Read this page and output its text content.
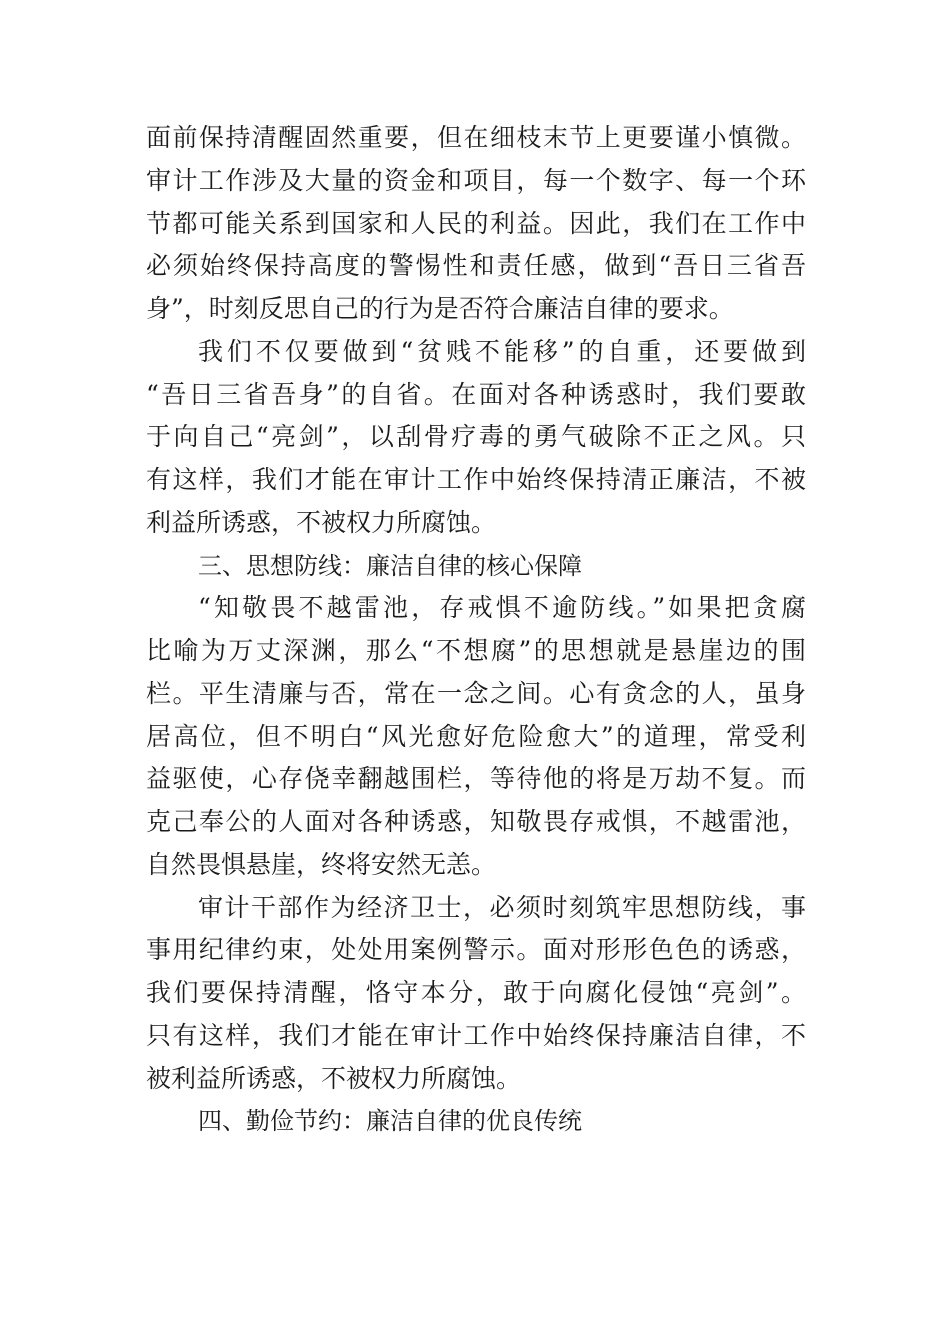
面前保持清醒固然重要，但在细枝末节上更要谨小慎微。
审计工作涉及大量的资金和项目，每一个数字、每一个环
节都可能关系到国家和人民的利益。因此，我们在工作中
必须始终保持高度的警惕性和责任感，做到“吾日三省吾
身”，时刻反思自己的行为是否符合廉洁自律的要求。
我们不仅要做到“贫贱不能移”的自重，还要做到
“吾日三省吾身”的自省。在面对各种诱惑时，我们要敢
于向自己“亮剑”，以刮骨疗毒的勇气破除不正之风。只
有这样，我们才能在审计工作中始终保持清正廉洁，不被
利益所诱惑，不被权力所腐蚀。
三、思想防线：廉洁自律的核心保障
“知敬畏不越雷池，存戒惧不逾防线。”如果把贪腐
比喻为万丈深渊，那么“不想腐”的思想就是悬崖边的围
栏。平生清廉与否，常在一念之间。心有贪念的人，虽身
居高位，但不明白“风光愈好危险愈大”的道理，常受利
益驱使，心存侥幸翻越围栏，等待他的将是万劫不复。而
克己奉公的人面对各种诱惑，知敬畏存戒惧，不越雷池，
自然畏惧悬崖，终将安然无恙。
审计干部作为经济卫士，必须时刻筑牢思想防线，事
事用纪律约束，处处用案例警示。面对形形色色的诱惑，
我们要保持清醒，恪守本分，敢于向腐化侵蚀“亮剑”。
只有这样，我们才能在审计工作中始终保持廉洁自律，不
被利益所诱惑，不被权力所腐蚀。
四、勤俭节约：廉洁自律的优良传统
